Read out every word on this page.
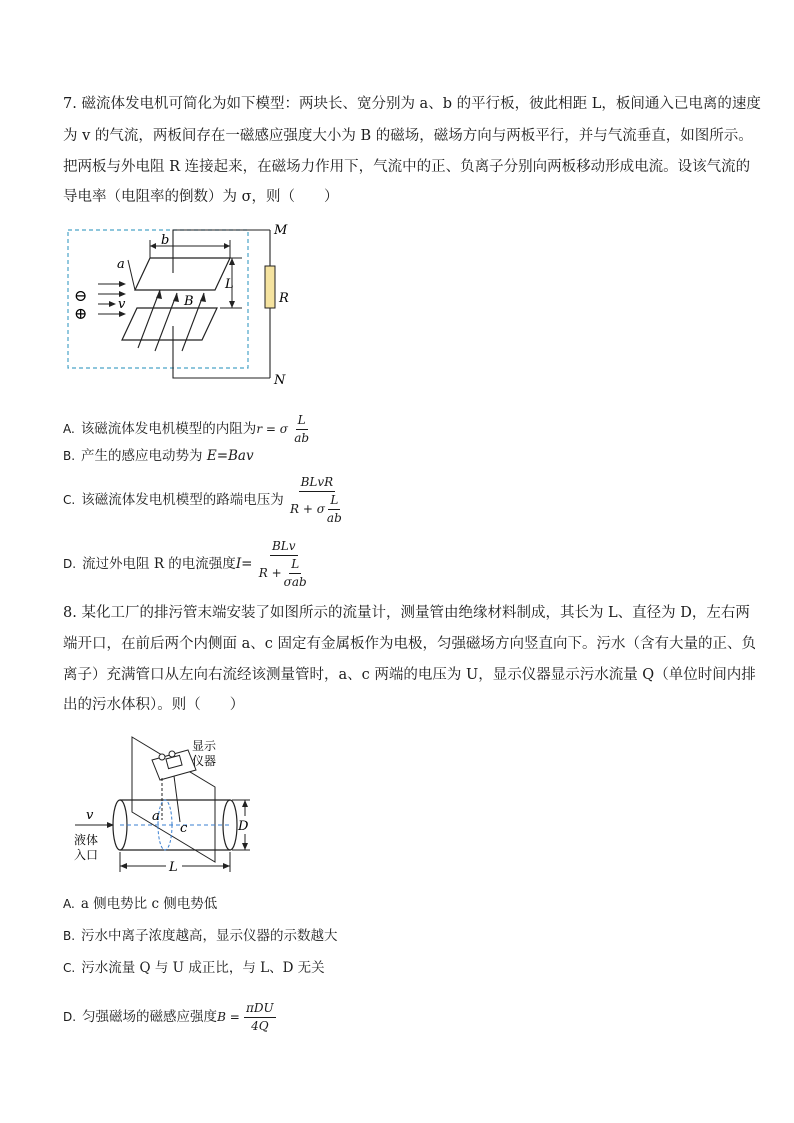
7. 磁流体发电机可简化为如下模型：两块长、宽分别为 a、b 的平行板，彼此相距 L，板间通入已电离的速度
为 v 的气流，两板间存在一磁感应强度大小为 B 的磁场，磁场方向与两板平行，并与气流垂直，如图所示。
把两板与外电阻 R 连接起来，在磁场力作用下，气流中的正、负离子分别向两板移动形成电流。设该气流的
导电率（电阻率的倒数）为 σ，则（　　）
b
a
L
R
M
N
B
v
⊖
⊕
A. 该磁流体发电机模型的内阻为r = σ $\frac{L}{ab}$
B. 产生的感应电动势为 E=Bav
C. 该磁流体发电机模型的路端电压为 $\frac{\text{BLvR}}{R + \sigma \frac{L}{ab}}$
D. 流过外电阻 R 的电流强度$I= \frac{\text{BLv}}{R + \frac{L}{\text{σab}}}$
8. 某化工厂的排污管末端安装了如图所示的流量计，测量管由绝缘材料制成，其长为 L、直径为 D，左右两
端开口，在前后两个内侧面 a、c 固定有金属板作为电极，匀强磁场方向竖直向下。污水（含有大量的正、负
离子）充满管口从左向右流经该测量管时，a、c 两端的电压为 U，显示仪器显示污水流量 Q（单位时间内排
出的污水体积）。则（　　）
显示
仪器
a
c
v
液体
入口
D
L
A. a 侧电势比 c 侧电势低
B. 污水中离子浓度越高，显示仪器的示数越大
C. 污水流量 Q 与 U 成正比，与 L、D 无关
D. 匀强磁场的磁感应强度$B = \frac{\text{πDU}}{4Q}$
